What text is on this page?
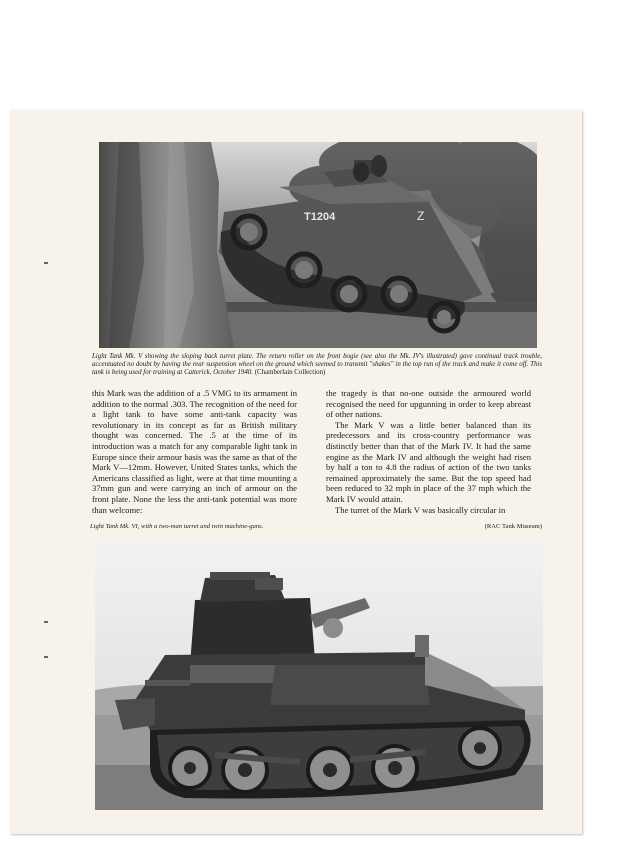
T1204	Z
Light Tank Mk. V showing the sloping back turret plate. The return roller on the front bogie (see also the Mk. IV's illustrated) gave continual track trouble, accentuated no doubt by having the rear suspension wheel on the ground which seemed to transmit "shakes" in the top run of the track and make it come off. This tank is being used for training at Catterick, October 1940. (Chamberlain Collection)

this Mark was the addition of a .5 VMG to its armament in addition to the normal .303. The recognition of the need for a light tank to have some anti-tank capacity was revolutionary in its concept as far as British military thought was concerned. The .5 at the time of its introduction was a match for any comparable light tank in Europe since their armour basis was the same as that of the Mark V—12mm. However, United States tanks, which the Americans classified as light, were at that time mounting a 37mm gun and were carrying an inch of armour on the front plate. None the less the anti-tank potential was more than welcome:

the tragedy is that no-one outside the armoured world recognised the need for upgunning in order to keep abreast of other nations.

The Mark V was a little better balanced than its predecessors and its cross-country performance was distinctly better than that of the Mark IV. It had the same engine as the Mark IV and although the weight had risen by half a ton to 4.8 the radius of action of the two tanks remained approximately the same. But the top speed had been reduced to 32 mph in place of the 37 mph which the Mark IV would attain.

The turret of the Mark V was basically circular in

Light Tank Mk. VI, with a two-man turret and twin machine-guns.	(RAC Tank Museum)
